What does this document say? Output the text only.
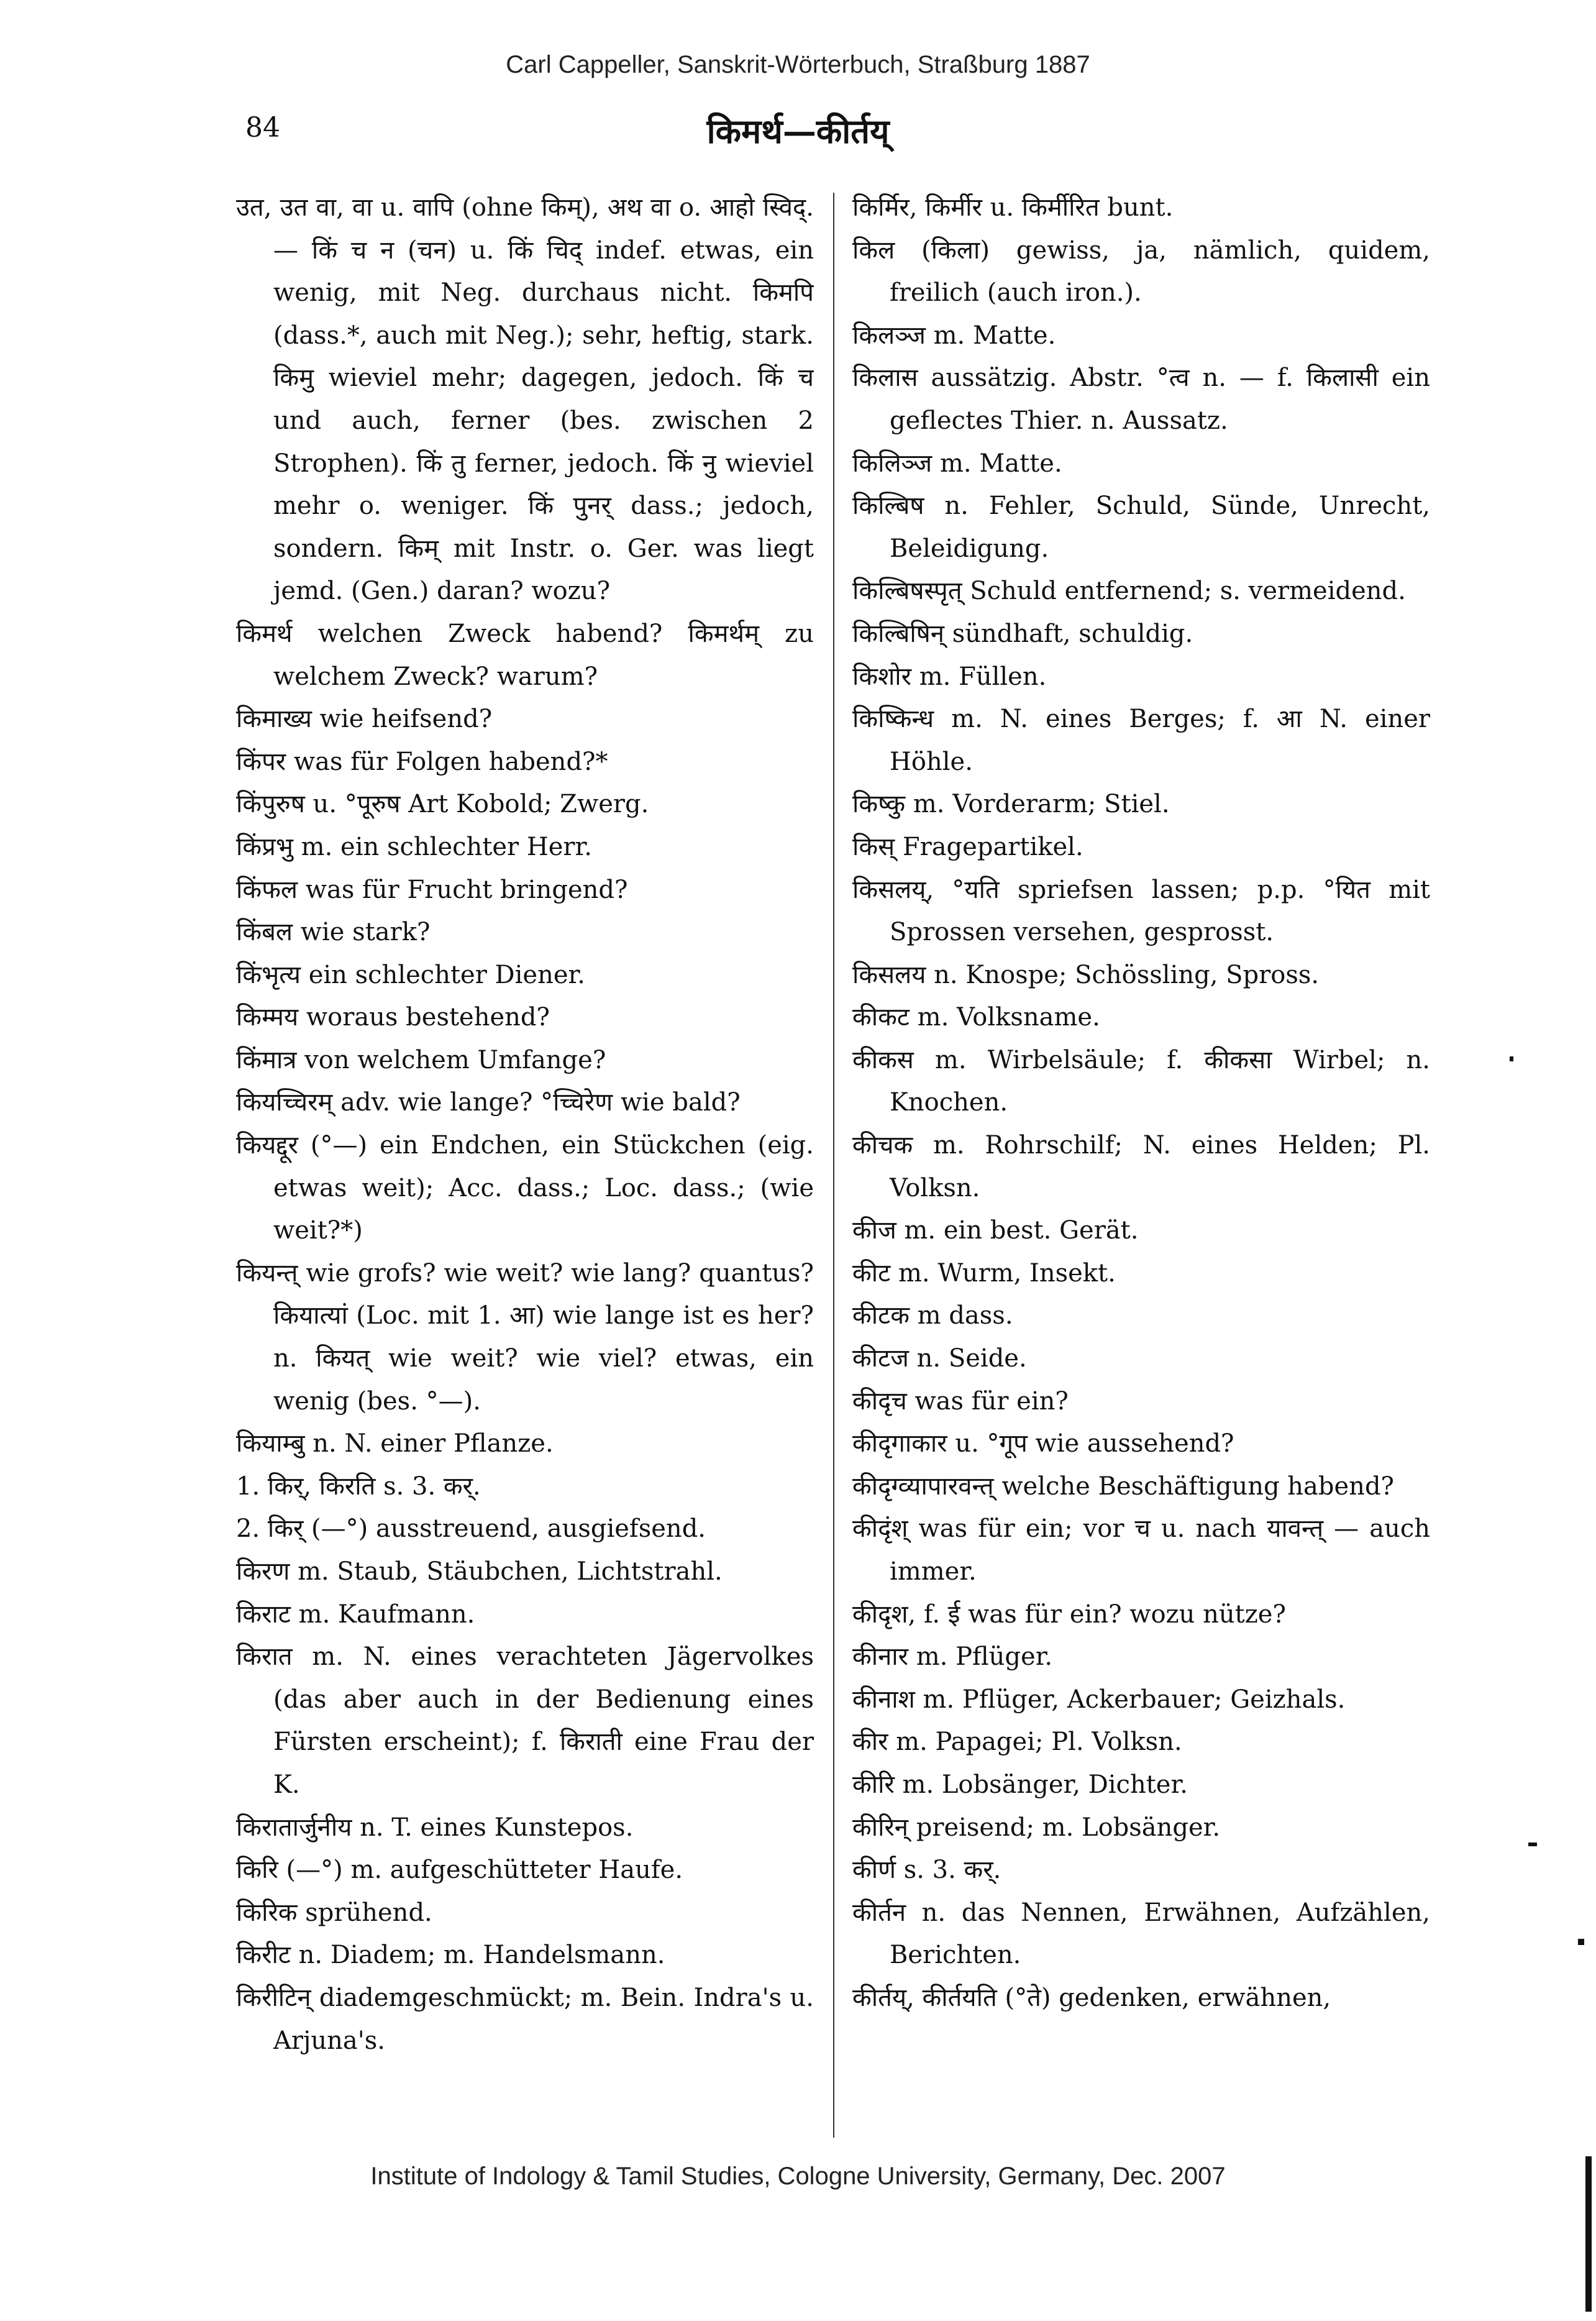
Carl Cappeller, Sanskrit-Wörterbuch, Straßburg 1887
84	किमर्थ—कीर्तय्

उत, उत वा, वा u. वापि (ohne किम्), अथ वा o. आहो स्विद्. — किं च न (चन) u. किं चिद् indef. etwas, ein wenig, mit Neg. durchaus nicht. किमपि (dass.*, auch mit Neg.); sehr, heftig, stark. किमु wieviel mehr; dagegen, jedoch. किं च und auch, ferner (bes. zwischen 2 Strophen). किं तु ferner, jedoch. किं नु wieviel mehr o. weniger. किं पुनर् dass.; jedoch, sondern. किम् mit Instr. o. Ger. was liegt jemd. (Gen.) daran? wozu?

किमर्थ welchen Zweck habend? किमर्थम् zu welchem Zweck? warum?

किमाख्य wie heifsend?

किंपर was für Folgen habend?*

किंपुरुष u. °पूरुष Art Kobold; Zwerg.

किंप्रभु m. ein schlechter Herr.

किंफल was für Frucht bringend?

किंबल wie stark?

किंभृत्य ein schlechter Diener.

किम्मय woraus bestehend?

किंमात्र von welchem Umfange?

कियच्चिरम् adv. wie lange? °च्चिरेण wie bald?

कियद्दूर (°—) ein Endchen, ein Stückchen (eig. etwas weit); Acc. dass.; Loc. dass.; (wie weit?*)

कियन्त् wie grofs? wie weit? wie lang? quantus? कियात्यां (Loc. mit 1. आ) wie lange ist es her? n. कियत् wie weit? wie viel? etwas, ein wenig (bes. °—).

कियाम्बु n. N. einer Pflanze.

1. किर्, किरति s. 3. कर्.

2. किर् (—°) ausstreuend, ausgiefsend.

किरण m. Staub, Stäubchen, Lichtstrahl.

किराट m. Kaufmann.

किरात m. N. eines verachteten Jägervolkes (das aber auch in der Bedienung eines Fürsten erscheint); f. किराती eine Frau der K.

किरातार्जुनीय n. T. eines Kunstepos.

किरि (—°) m. aufgeschütteter Haufe.

किरिक sprühend.

किरीट n. Diadem; m. Handelsmann.

किरीटिन् diademgeschmückt; m. Bein. Indra's u. Arjuna's.

किर्मिर, किर्मीर u. किर्मीरित bunt.

किल (किला) gewiss, ja, nämlich, quidem, freilich (auch iron.).

किलञ्ज m. Matte.

किलास aussätzig. Abstr. °त्व n. — f. किलासी ein geflectes Thier. n. Aussatz.

किलिञ्ज m. Matte.

किल्बिष n. Fehler, Schuld, Sünde, Unrecht, Beleidigung.

किल्बिषस्पृत् Schuld entfernend; s. vermeidend.

किल्बिषिन् sündhaft, schuldig.

किशोर m. Füllen.

किष्किन्ध m. N. eines Berges; f. आ N. einer Höhle.

किष्कु m. Vorderarm; Stiel.

किस् Fragepartikel.

किसलय्, °यति spriefsen lassen; p.p. °यित mit Sprossen versehen, gesprosst.

किसलय n. Knospe; Schössling, Spross.

कीकट m. Volksname.

कीकस m. Wirbelsäule; f. कीकसा Wirbel; n. Knochen.

कीचक m. Rohrschilf; N. eines Helden; Pl. Volksn.

कीज m. ein best. Gerät.

कीट m. Wurm, Insekt.

कीटक m dass.

कीटज n. Seide.

कीदृच was für ein?

कीदृगाकार u. °गूप wie aussehend?

कीदृग्व्यापारवन्त् welche Beschäftigung habend?

कीदृंश् was für ein; vor च u. nach यावन्त् — auch immer.

कीदृश, f. ई was für ein? wozu nütze?

कीनार m. Pflüger.

कीनाश m. Pflüger, Ackerbauer; Geizhals.

कीर m. Papagei; Pl. Volksn.

कीरि m. Lobsänger, Dichter.

कीरिन् preisend; m. Lobsänger.

कीर्ण s. 3. कर्.

कीर्तन n. das Nennen, Erwähnen, Aufzählen, Berichten.

कीर्तय्, कीर्तयति (°ते) gedenken, erwähnen,

Institute of Indology & Tamil Studies, Cologne University, Germany, Dec. 2007
